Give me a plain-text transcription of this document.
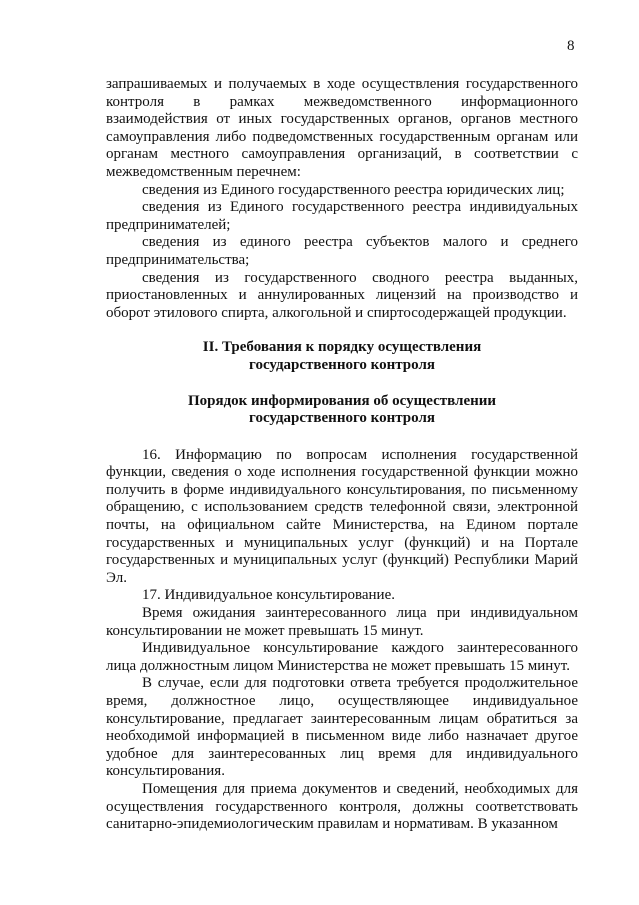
8

запрашиваемых и получаемых в ходе осуществления государственного контроля в рамках межведомственного информационного взаимодействия от иных государственных органов, органов местного самоуправления либо подведомственных государственным органам или органам местного самоуправления организаций, в соответствии с межведомственным перечнем:

сведения из Единого государственного реестра юридических лиц;

сведения из Единого государственного реестра индивидуальных предпринимателей;

сведения из единого реестра субъектов малого и среднего предпринимательства;

сведения из государственного сводного реестра выданных, приостановленных и аннулированных лицензий на производство и оборот этилового спирта, алкогольной и спиртосодержащей продукции.

II. Требования к порядку осуществления

государственного контроля

Порядок информирования об осуществлении

государственного контроля

16. Информацию по вопросам исполнения государственной функции, сведения о ходе исполнения государственной функции можно получить в форме индивидуального консультирования, по письменному обращению, с использованием средств телефонной связи, электронной почты, на официальном сайте Министерства, на Едином портале государственных и муниципальных услуг (функций) и на Портале государственных и муниципальных услуг (функций) Республики Марий Эл.

17. Индивидуальное консультирование.

Время ожидания заинтересованного лица при индивидуальном консультировании не может превышать 15 минут.

Индивидуальное консультирование каждого заинтересованного лица должностным лицом Министерства не может превышать 15 минут.

В случае, если для подготовки ответа требуется продолжительное время, должностное лицо, осуществляющее индивидуальное консультирование, предлагает заинтересованным лицам обратиться за необходимой информацией в письменном виде либо назначает другое удобное для заинтересованных лиц время для индивидуального консультирования.

Помещения для приема документов и сведений, необходимых для осуществления государственного контроля, должны соответствовать санитарно-эпидемиологическим правилам и нормативам. В указанном
